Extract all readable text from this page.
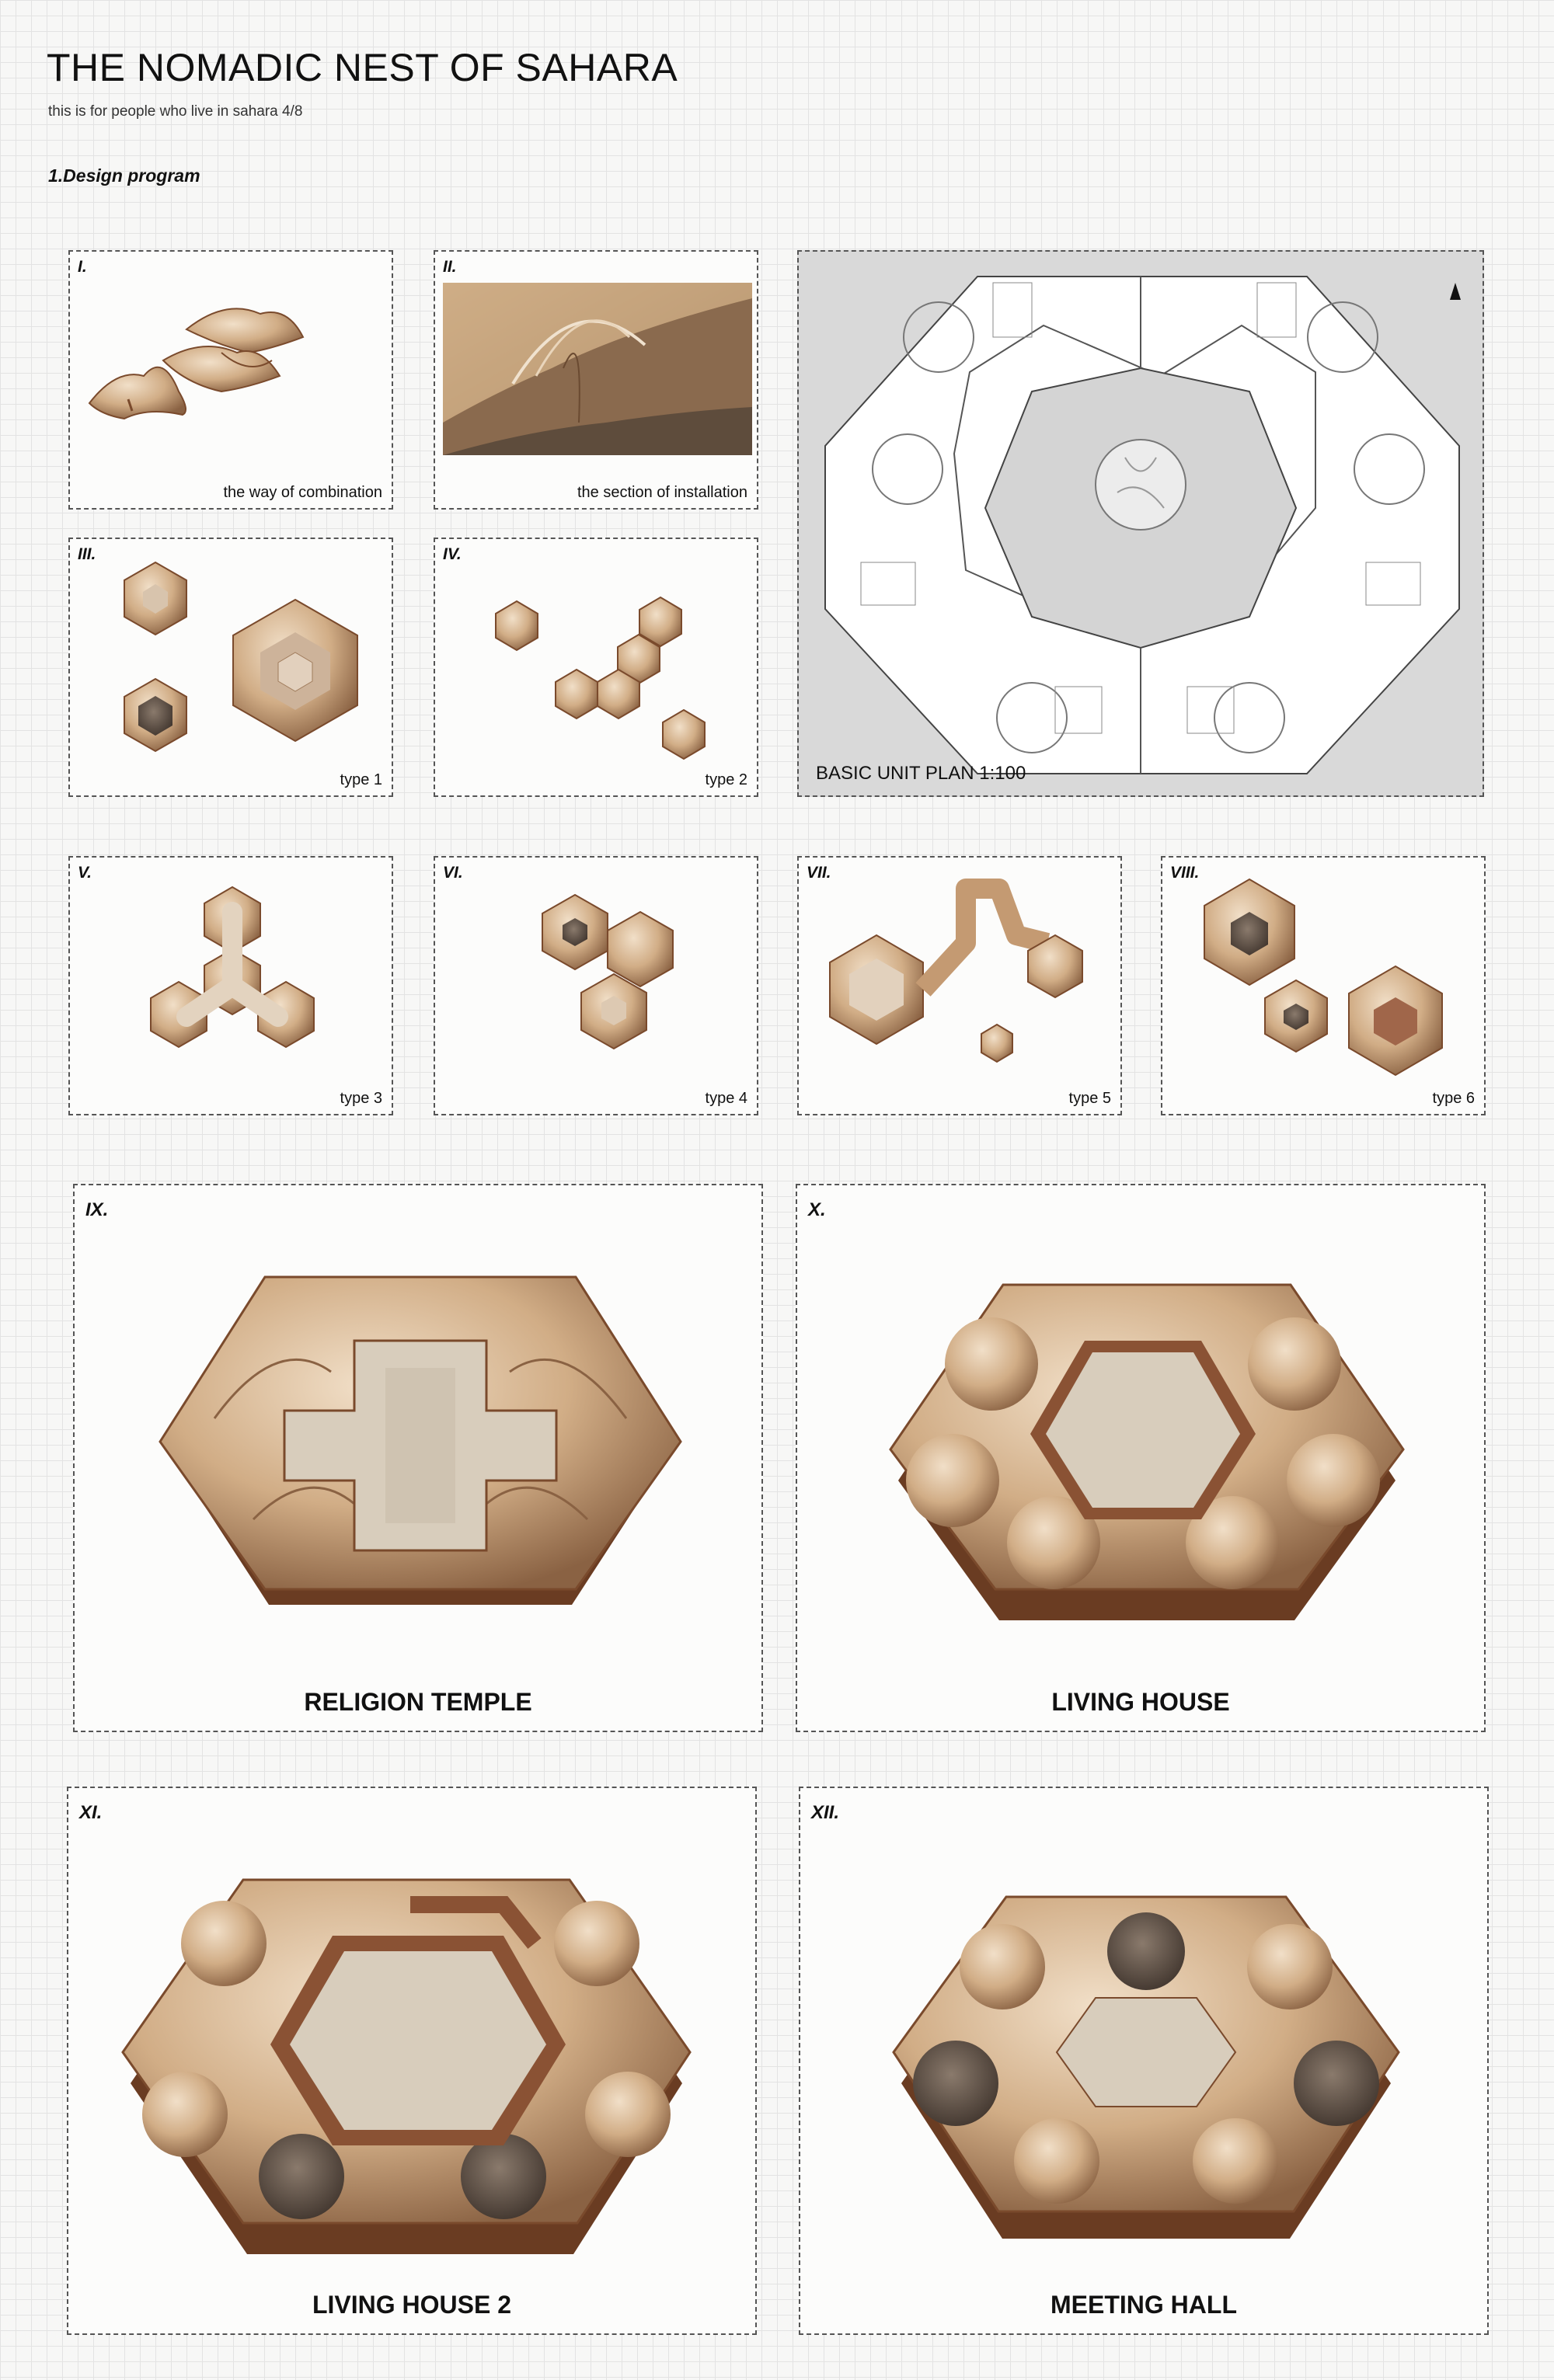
THE NOMADIC NEST OF SAHARA
this is for people who live in sahara 4/8
1.Design program
I.
the way of combination
II.
the section of installation
III.
type 1
IV.
type 2	BASIC UNIT PLAN 1:100
V.
type 3
VI.
type 4
VII.
type 5
VIII.
type 6
IX.
RELIGION TEMPLE
X.
LIVING HOUSE
XI.
LIVING HOUSE 2
XII.
MEETING HALL
